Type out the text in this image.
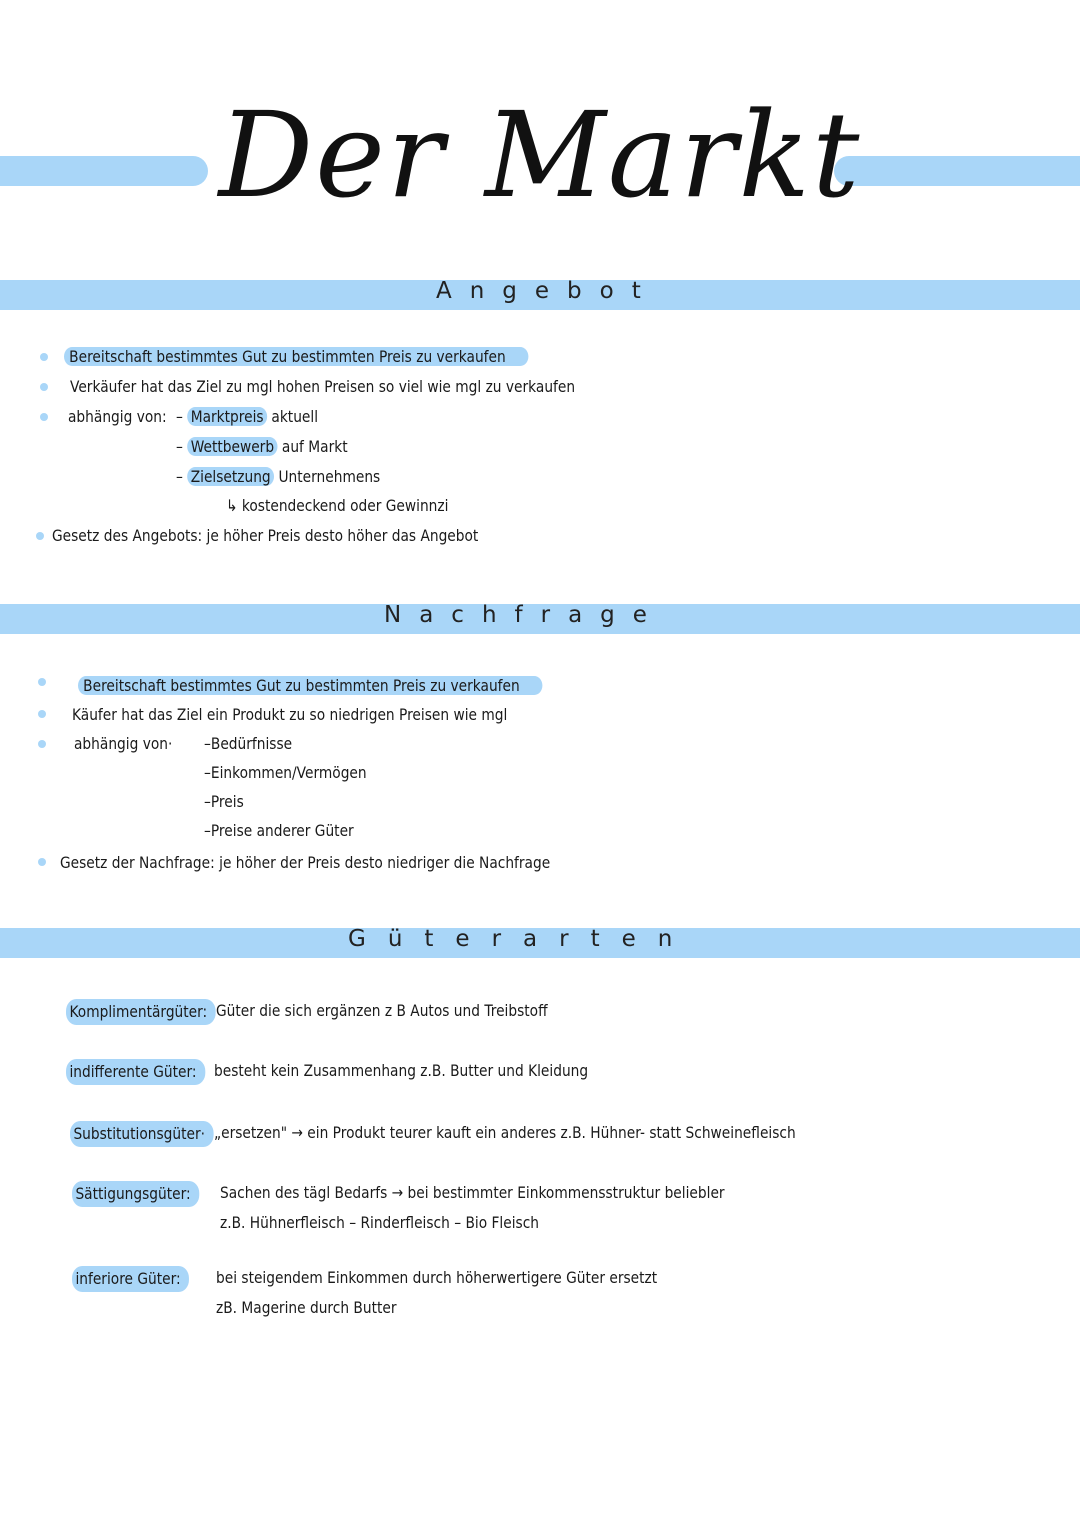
Der Markt
Angebot
Bereitschaft bestimmtes Gut zu bestimmten Preis zu verkaufen
Verkäufer hat das Ziel zu mgl hohen Preisen so viel wie mgl zu verkaufen
abhängig von: – Marktpreis aktuell
– Wettbewerb auf Markt
– Zielsetzung Unternehmens
↳ kostendeckend oder Gewinnzi
Gesetz des Angebots: je höher Preis desto höher das Angebot
Nachfrage
Bereitschaft bestimmtes Gut zu bestimmten Preis zu verkaufen
Käufer hat das Ziel ein Produkt zu so niedrigen Preisen wie mgl
abhängig von· –Bedürfnisse
–Einkommen/Vermögen
–Preis
–Preise anderer Güter
Gesetz der Nachfrage: je höher der Preis desto niedriger die Nachfrage
Güterarten
Komplimentärgüter: Güter die sich ergänzen z B Autos und Treibstoff
indifferente Güter:	besteht kein Zusammenhang z.B. Butter und Kleidung
Substitutionsgüter· „ersetzen" → ein Produkt teurer kauft ein anderes z.B. Hühner- statt Schweinefleisch
Sättigungsgüter:	Sachen des tägl Bedarfs → bei bestimmter Einkommensstruktur beliebler
z.B. Hühnerfleisch – Rinderfleisch – Bio Fleisch
inferiore Güter:	bei steigendem Einkommen durch höherwertigere Güter ersetzt
zB. Magerine durch Butter
